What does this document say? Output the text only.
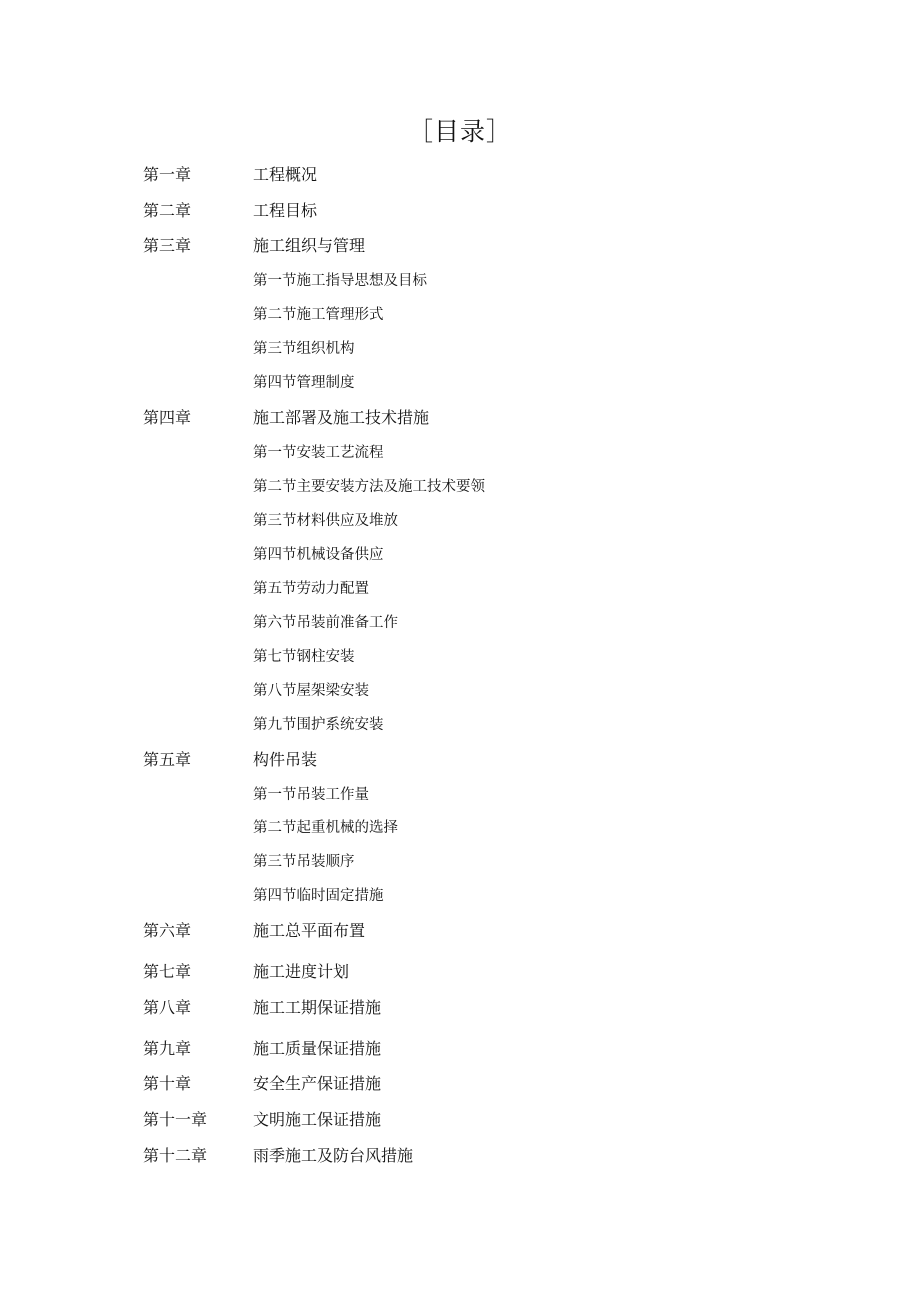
［目录］
第一章	工程概况
第二章	工程目标
第三章	施工组织与管理
第一节施工指导思想及目标
第二节施工管理形式
第三节组织机构
第四节管理制度
第四章	施工部署及施工技术措施
第一节安装工艺流程
第二节主要安装方法及施工技术要领
第三节材料供应及堆放
第四节机械设备供应
第五节劳动力配置
第六节吊装前准备工作
第七节钢柱安装
第八节屋架梁安装
第九节围护系统安装
第五章	构件吊装
第一节吊装工作量
第二节起重机械的选择
第三节吊装顺序
第四节临时固定措施
第六章	施工总平面布置
第七章	施工进度计划
第八章	施工工期保证措施
第九章	施工质量保证措施
第十章	安全生产保证措施
第十一章	文明施工保证措施
第十二章	雨季施工及防台风措施
